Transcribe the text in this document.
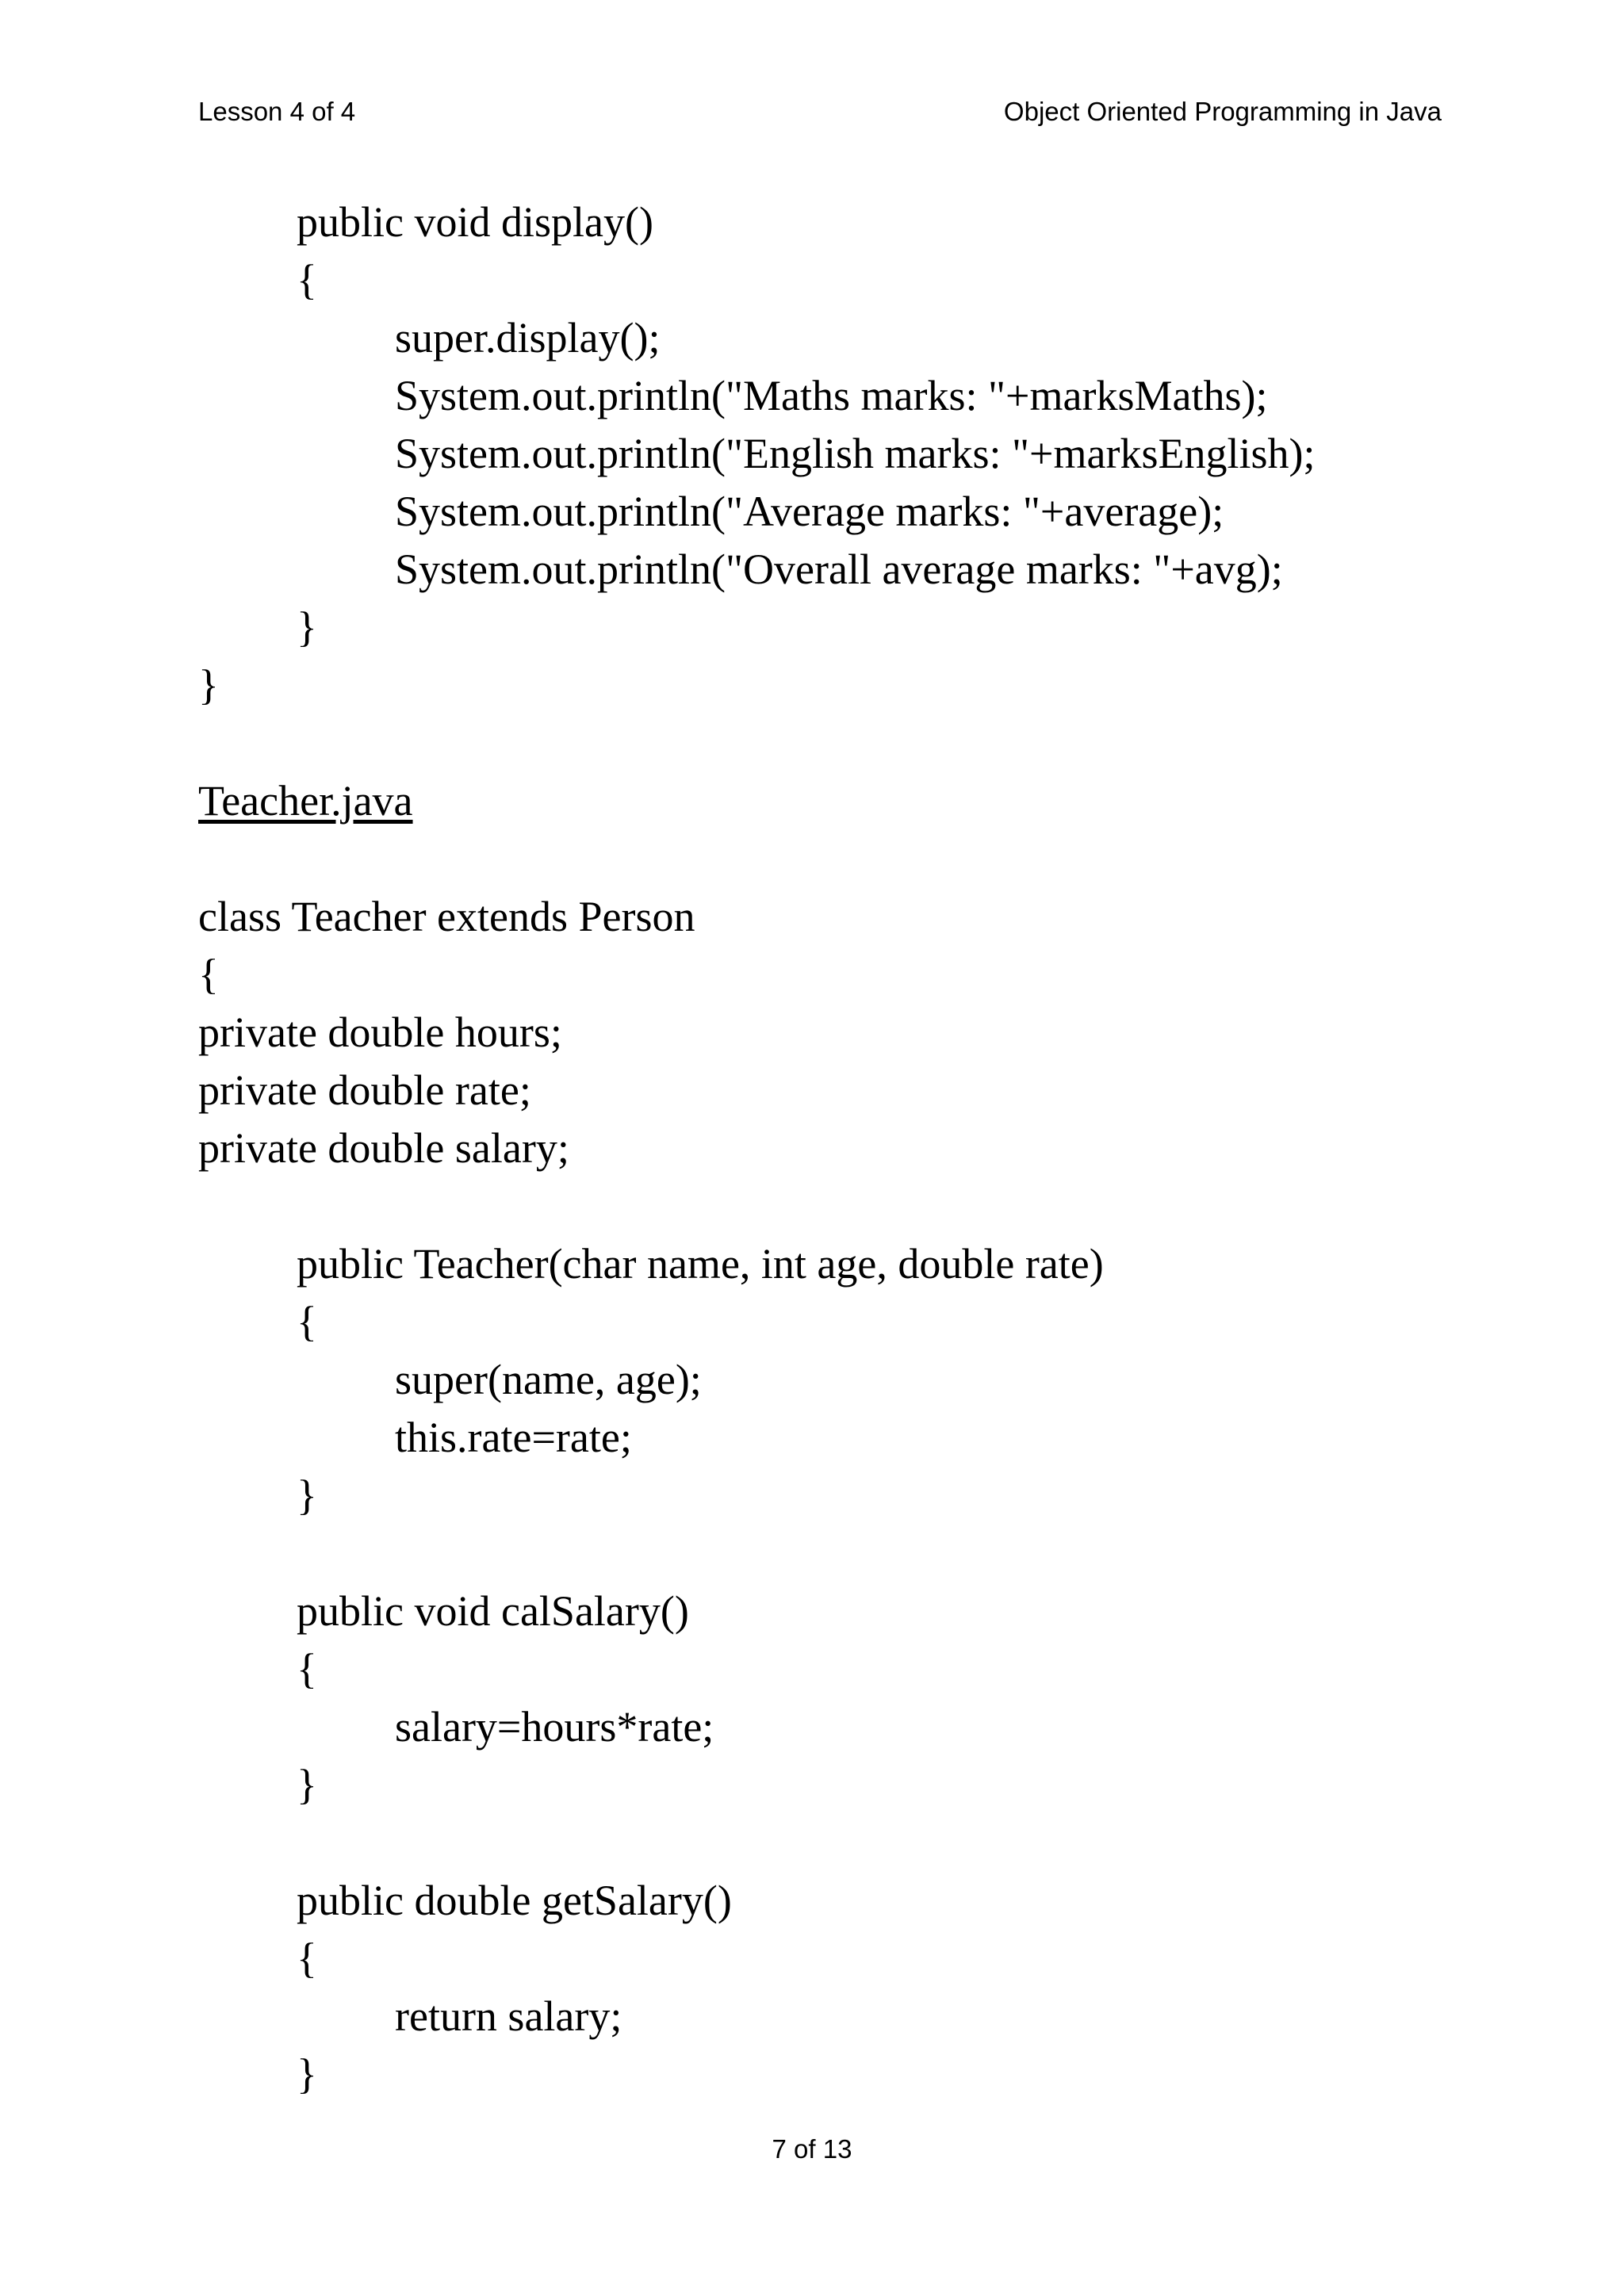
Lesson 4 of 4	Object Oriented Programming in Java
public void display()
{
super.display();
System.out.println("Maths marks: "+marksMaths);
System.out.println("English marks: "+marksEnglish);
System.out.println("Average marks: "+average);
System.out.println("Overall average marks: "+avg);
}
}
Teacher.java
class Teacher extends Person
{
private double hours;
private double rate;
private double salary;
public Teacher(char name, int age, double rate)
{
super(name, age);
this.rate=rate;
}
public void calSalary()
{
salary=hours*rate;
}
public double getSalary()
{
return salary;
}
7 of 13
